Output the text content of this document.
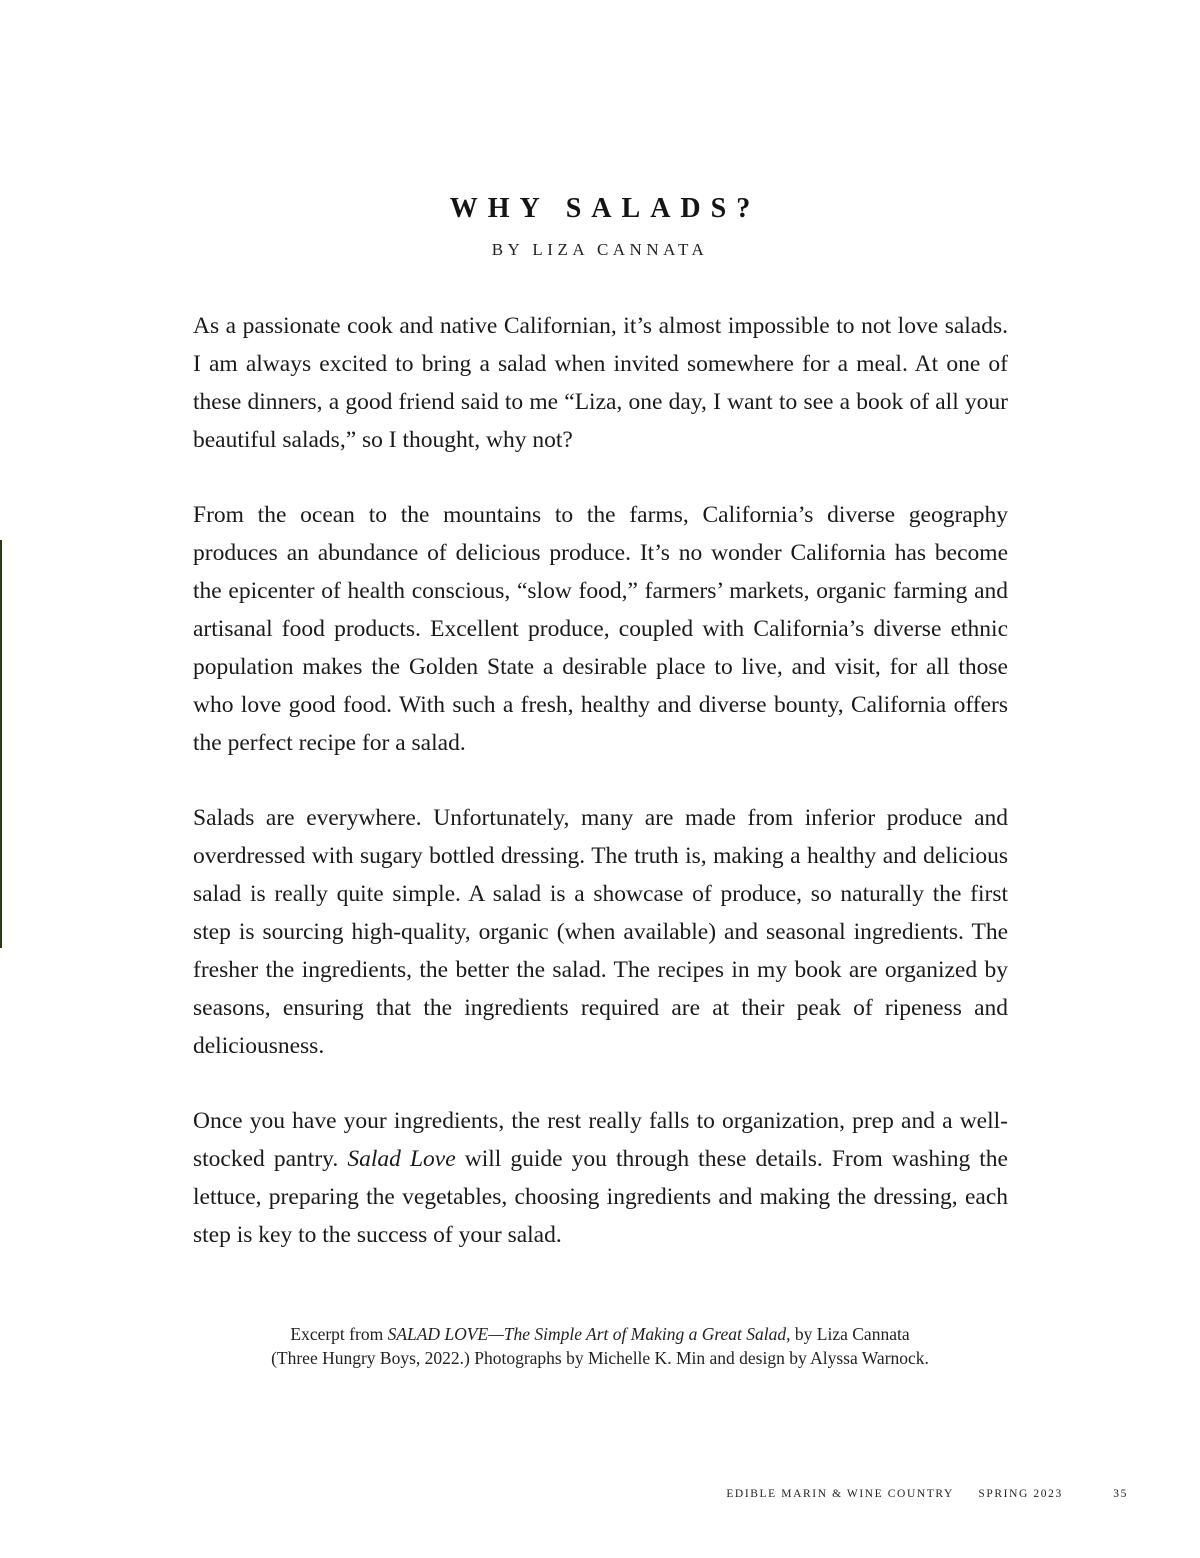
WHY SALADS?
BY LIZA CANNATA

As a passionate cook and native Californian, it’s almost impossible to not love salads. I am always excited to bring a salad when invited somewhere for a meal. At one of these dinners, a good friend said to me “Liza, one day, I want to see a book of all your beautiful salads,” so I thought, why not?

From the ocean to the mountains to the farms, California’s diverse geography produces an abundance of delicious produce. It’s no wonder California has become the epicenter of health conscious, “slow food,” farmers’ markets, organic farming and artisanal food products. Excellent produce, coupled with California’s diverse ethnic population makes the Golden State a desirable place to live, and visit, for all those who love good food. With such a fresh, healthy and diverse bounty, California offers the perfect recipe for a salad.

Salads are everywhere. Unfortunately, many are made from inferior produce and overdressed with sugary bottled dressing. The truth is, making a healthy and delicious salad is really quite simple. A salad is a showcase of produce, so naturally the first step is sourcing high-quality, organic (when available) and seasonal ingredients. The fresher the ingredients, the better the salad. The recipes in my book are organized by seasons, ensuring that the ingredients required are at their peak of ripeness and deliciousness.

Once you have your ingredients, the rest really falls to organization, prep and a well-stocked pantry. Salad Love will guide you through these details. From washing the lettuce, preparing the vegetables, choosing ingredients and making the dressing, each step is key to the success of your salad.

Excerpt from SALAD LOVE—The Simple Art of Making a Great Salad, by Liza Cannata
(Three Hungry Boys, 2022.) Photographs by Michelle K. Min and design by Alyssa Warnock.
EDIBLE MARIN & WINE COUNTRY SPRING 2023	35
